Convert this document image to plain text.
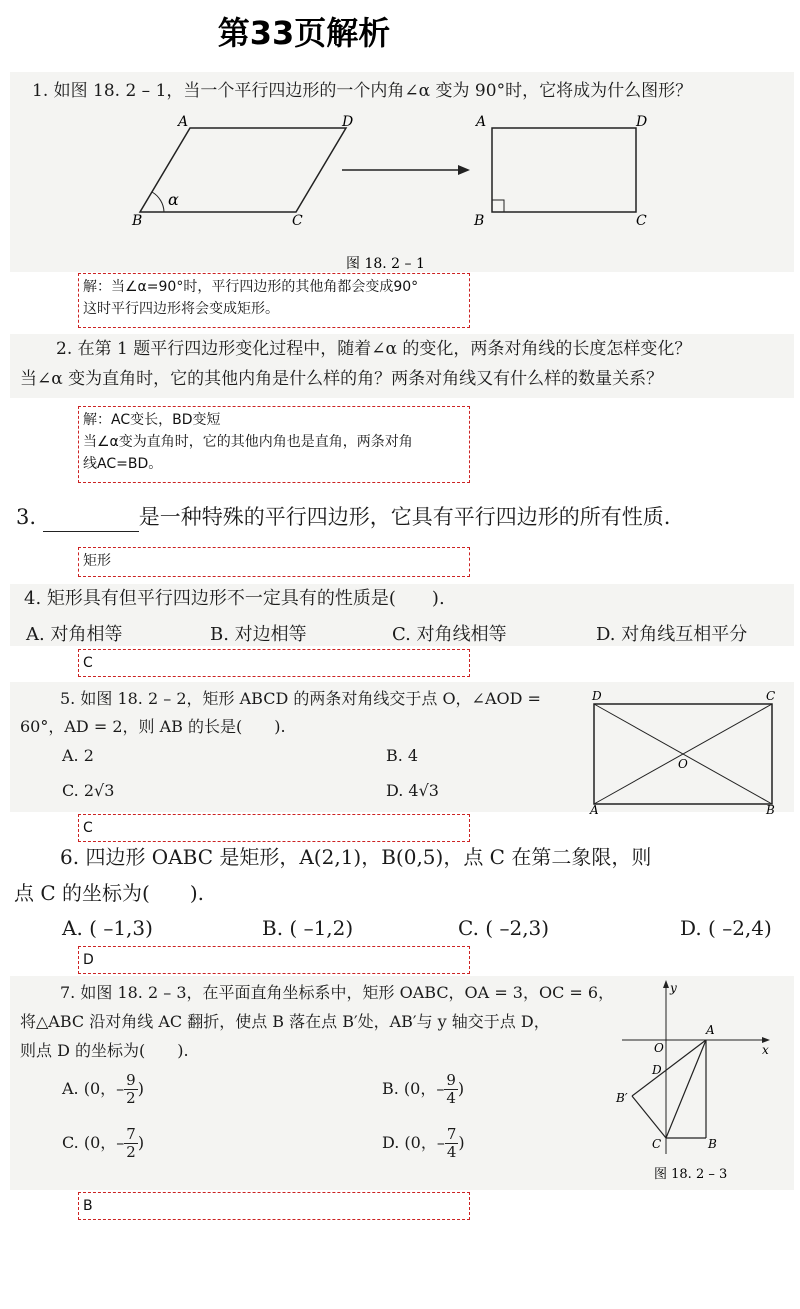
第33页解析
1. 如图 18. 2 – 1，当一个平行四边形的一个内角∠α 变为 90°时，它将成为什么图形？
A	D
B	C
α
A	D
B	C
图 18. 2 – 1
解：当∠α=90°时，平行四边形的其他角都会变成90°
这时平行四边形将会变成矩形。
2. 在第 1 题平行四边形变化过程中，随着∠α 的变化，两条对角线的长度怎样变化？
当∠α 变为直角时，它的其他内角是什么样的角？两条对角线又有什么样的数量关系？
解：AC变长，BD变短
当∠α变为直角时，它的其他内角也是直角，两条对角
线AC=BD。
3.	是一种特殊的平行四边形，它具有平行四边形的所有性质.
矩形
4. 矩形具有但平行四边形不一定具有的性质是(　　).
A. 对角相等	B. 对边相等	C. 对角线相等	D. 对角线互相平分
C
5. 如图 18. 2 – 2，矩形 ABCD 的两条对角线交于点 O，∠AOD =
60°，AD = 2，则 AB 的长是(　　).
A. 2	B. 4
C. 2√3	D. 4√3
D	C
O
A	B
C
6. 四边形 OABC 是矩形，A(2,1)，B(0,5)，点 C 在第二象限，则
点 C 的坐标为(　　).
A. ( –1,3)	B. ( –1,2)	C. ( –2,3)	D. ( –2,4)
D
7. 如图 18. 2 – 3，在平面直角坐标系中，矩形 OABC，OA = 3，OC = 6，
将△ABC 沿对角线 AC 翻折，使点 B 落在点 B′处，AB′与 y 轴交于点 D，
则点 D 的坐标为(　　).
A. (0，– $\frac{9}{2}$ )	B. (0，– $\frac{9}{4}$ )
C. (0，– $\frac{7}{2}$ )	D. (0，– $\frac{7}{4}$ )
y
x
O
A
D
B′
C	B
图 18. 2 – 3
B
